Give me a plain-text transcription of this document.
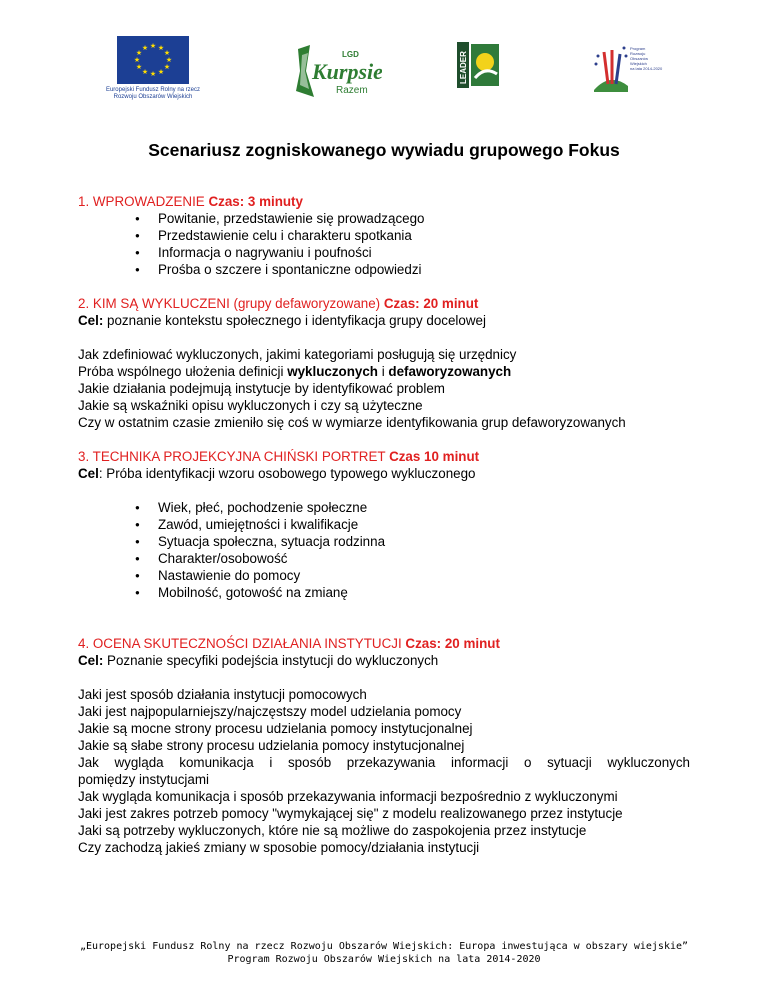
★ ★
★
★
★
★
★
★
★
★
★
★
Europejski Fundusz Rolny na rzecz
Rozwoju Obszarów Wiejskich
LGD
Kurpsie
Razem
LEADER
Program
Rozwoju
Obszarów
Wiejskich
na lata 2014-2020
Scenariusz zogniskowanego wywiadu grupowego Fokus

1. WPROWADZENIE Czas: 3 minuty

● Powitanie, przedstawienie się prowadzącego
● Przedstawienie celu i charakteru spotkania
● Informacja o nagrywaniu i poufności
● Prośba o szczere i spontaniczne odpowiedzi

2. KIM SĄ WYKLUCZENI (grupy defaworyzowane) Czas: 20 minut

Cel: poznanie kontekstu społecznego i identyfikacja grupy docelowej

Jak zdefiniować wykluczonych, jakimi kategoriami posługują się urzędnicy

Próba wspólnego ułożenia definicji wykluczonych i defaworyzowanych

Jakie działania podejmują instytucje by identyfikować problem

Jakie są wskaźniki opisu wykluczonych i czy są użyteczne

Czy w ostatnim czasie zmieniło się coś w wymiarze identyfikowania grup defaworyzowanych

3. TECHNIKA PROJEKCYJNA CHIŃSKI PORTRET Czas 10 minut

Cel: Próba identyfikacji wzoru osobowego typowego wykluczonego

● Wiek, płeć, pochodzenie społeczne
● Zawód, umiejętności i kwalifikacje
● Sytuacja społeczna, sytuacja rodzinna
● Charakter/osobowość
● Nastawienie do pomocy
● Mobilność, gotowość na zmianę

4. OCENA SKUTECZNOŚCI DZIAŁANIA INSTYTUCJI Czas: 20 minut

Cel: Poznanie specyfiki podejścia instytucji do wykluczonych

Jaki jest sposób działania instytucji pomocowych

Jaki jest najpopularniejszy/najczęstszy model udzielania pomocy

Jakie są mocne strony procesu udzielania pomocy instytucjonalnej

Jakie są słabe strony procesu udzielania pomocy instytucjonalnej

Jak wygląda komunikacja i sposób przekazywania informacji o sytuacji wykluczonych

pomiędzy instytucjami

Jak wygląda komunikacja i sposób przekazywania informacji bezpośrednio z wykluczonymi

Jaki jest zakres potrzeb pomocy "wymykającej się" z modelu realizowanego przez instytucje

Jaki są potrzeby wykluczonych, które nie są możliwe do zaspokojenia przez instytucje

Czy zachodzą jakieś zmiany w sposobie pomocy/działania instytucji

„Europejski Fundusz Rolny na rzecz Rozwoju Obszarów Wiejskich: Europa inwestująca w obszary wiejskie”
Program Rozwoju Obszarów Wiejskich na lata 2014-2020
